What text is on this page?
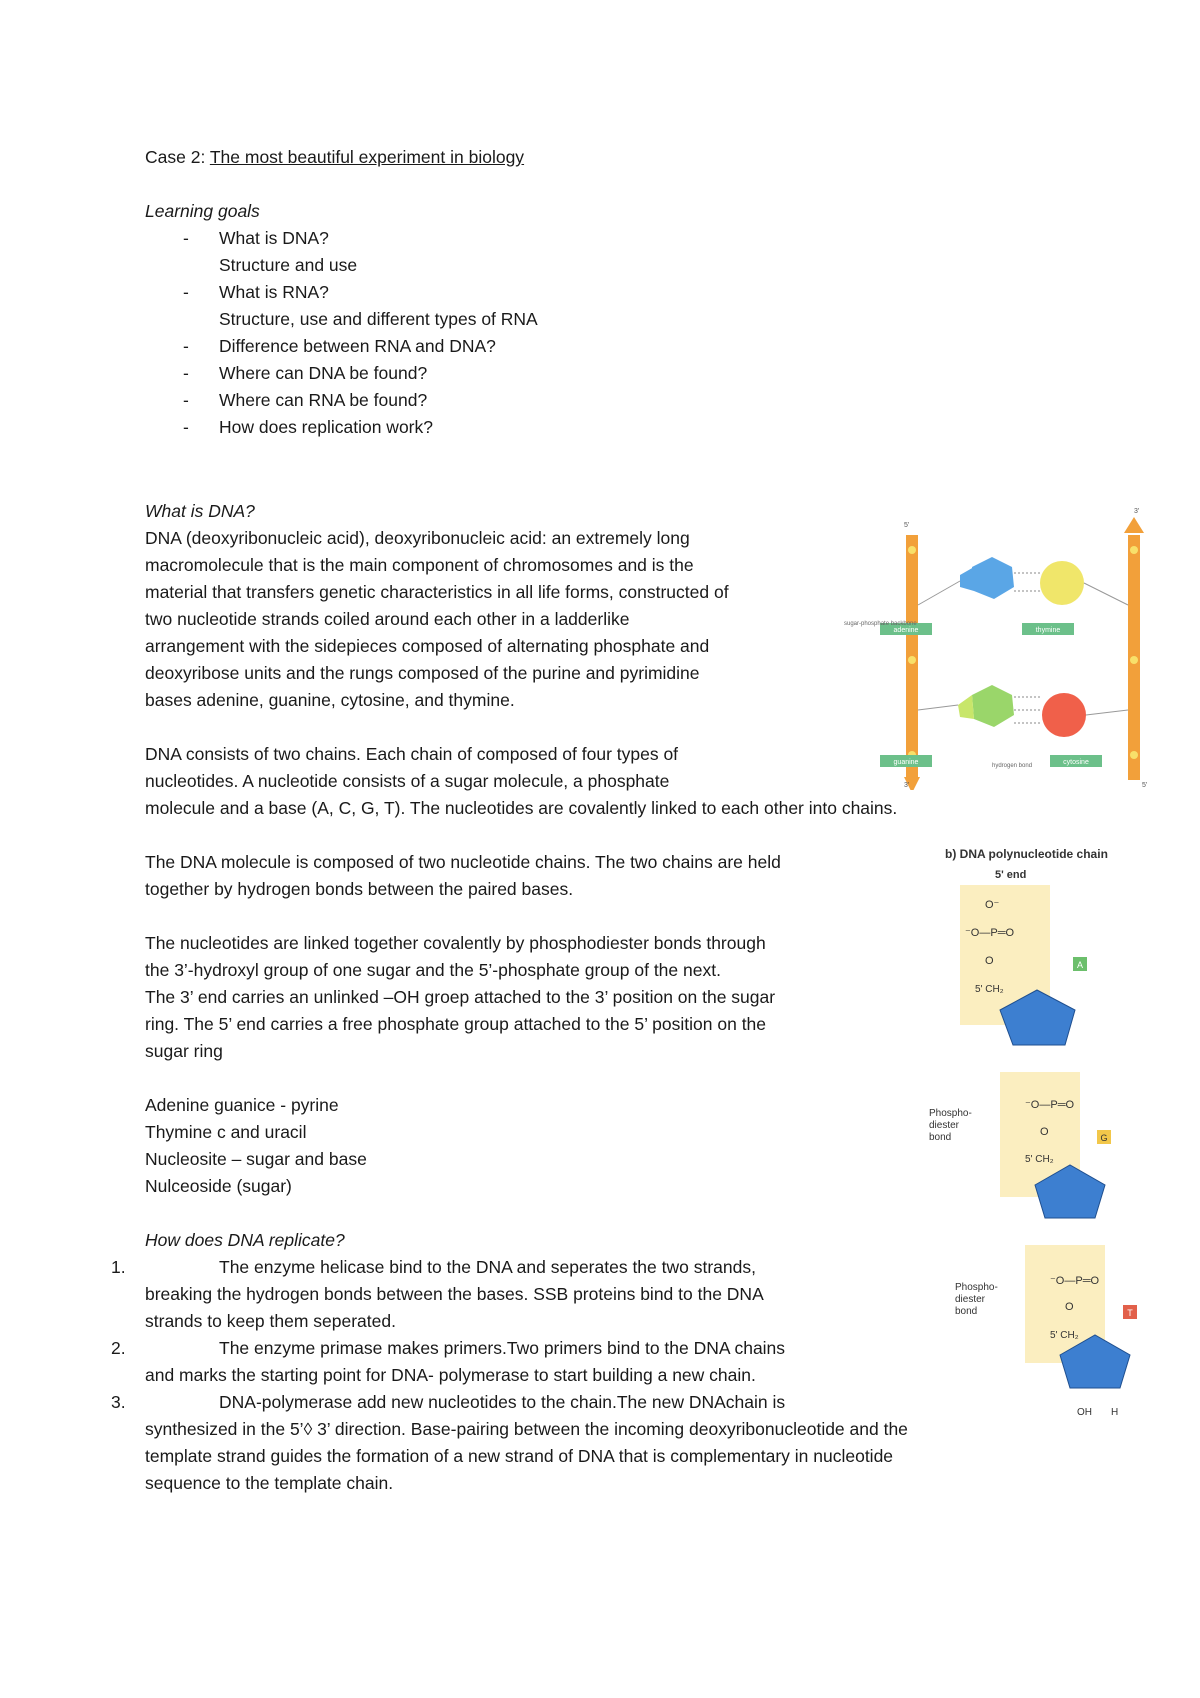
Case 2: The most beautiful experiment in biology
Learning goals
- What is DNA?
Structure and use
- What is RNA?
Structure, use and different types of RNA
- Difference between RNA and DNA?
- Where can DNA be found?
- Where can RNA be found?
- How does replication work?
What is DNA?
DNA (deoxyribonucleic acid), deoxyribonucleic acid: an extremely long
macromolecule that is the main component of chromosomes and is the
material that transfers genetic characteristics in all life forms, constructed of
two nucleotide strands coiled around each other in a ladderlike
arrangement with the sidepieces composed of alternating phosphate and
deoxyribose units and the rungs composed of the purine and pyrimidine
bases adenine, guanine, cytosine, and thymine.
DNA consists of two chains. Each chain of composed of four types of
nucleotides. A nucleotide consists of a sugar molecule, a phosphate
molecule and a base (A, C, G, T). The nucleotides are covalently linked to each other into chains.
The DNA molecule is composed of two nucleotide chains. The two chains are held
together by hydrogen bonds between the paired bases.
The nucleotides are linked together covalently by phosphodiester bonds through
the 3’-hydroxyl group of one sugar and the 5’-phosphate group of the next.
The 3’ end carries an unlinked –OH groep attached to the 3’ position on the sugar
ring. The 5’ end carries a free phosphate group attached to the 5’ position on the
sugar ring
Adenine guanice - pyrine
Thymine c and uracil
Nucleosite – sugar and base
Nulceoside (sugar)
How does DNA replicate?
1.	The enzyme helicase bind to the DNA and seperates the two strands,
breaking the hydrogen bonds between the bases. SSB proteins bind to the DNA
strands to keep them seperated.
2.	The enzyme primase makes primers.Two primers bind to the DNA chains
and marks the starting point for DNA- polymerase to start building a new chain.
3.	DNA-polymerase add new nucleotides to the chain.The new DNAchain is
synthesized in the 5’◊ 3’ direction. Base-pairing between the incoming deoxyribonucleotide and the
template strand guides the formation of a new strand of DNA that is complementary in nucleotide
sequence to the template chain.
adenine	thymine
guanine	cytosine
sugar-phosphate backbone
hydrogen bond
5'
3'
3'	5'
b) DNA polynucleotide chain
5' end
O⁻
⁻O—P═O
O
5' CH₂
⁻O—P═O
O
5' CH₂
⁻O—P═O
O
5' CH₂
A
G
T
Phospho-
diester
bond
Phospho-
diester
bond
OH H
